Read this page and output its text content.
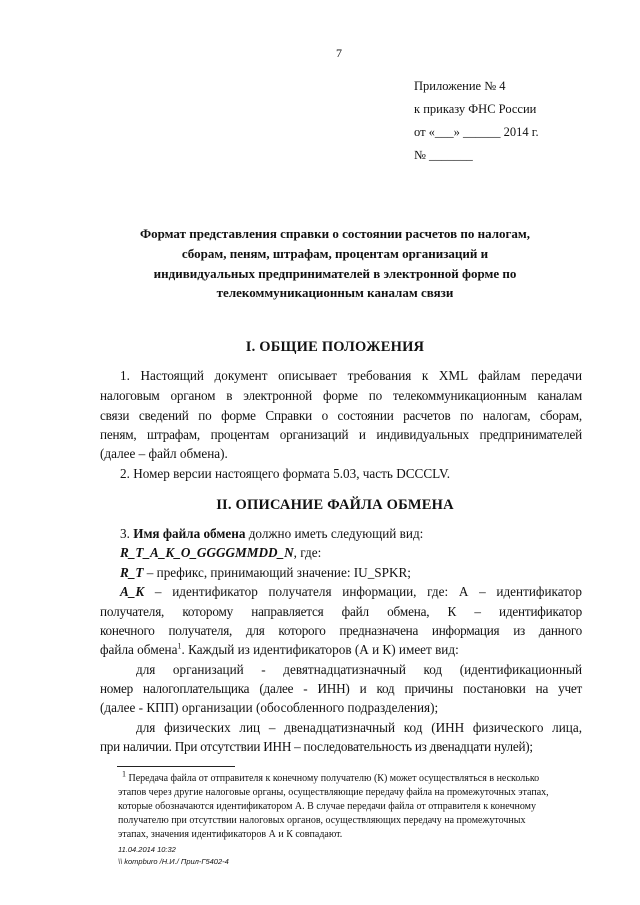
7
Приложение № 4
к приказу ФНС России
от «___» ______ 2014 г.
№ _______
Формат представления справки о состоянии расчетов по налогам,
сборам, пеням, штрафам, процентам организаций и
индивидуальных предпринимателей в электронной форме по
телекоммуникационным каналам связи
I. ОБЩИЕ ПОЛОЖЕНИЯ
1. Настоящий документ описывает требования к XML файлам передачи
налоговым органом в электронной форме по телекоммуникационным каналам
связи сведений по форме Справки о состоянии расчетов по налогам, сборам,
пеням, штрафам, процентам организаций и индивидуальных предпринимателей
(далее – файл обмена).
2. Номер версии настоящего формата 5.03, часть DCCCLV.
II. ОПИСАНИЕ ФАЙЛА ОБМЕНА
3. Имя файла обмена должно иметь следующий вид:
R_T_A_K_O_GGGGMMDD_N, где:
R_T – префикс, принимающий значение: IU_SPKR;
A_K – идентификатор получателя информации, где: А – идентификатор
получателя, которому направляется файл обмена, К – идентификатор
конечного получателя, для которого предназначена информация из данного
файла обмена$^1$. Каждый из идентификаторов (А и К) имеет вид:
для организаций - девятнадцатизначный код (идентификационный
номер налогоплательщика (далее - ИНН) и код причины постановки на учет
(далее - КПП) организации (обособленного подразделения);
для физических лиц – двенадцатизначный код (ИНН физического лица,
при наличии. При отсутствии ИНН – последовательность из двенадцати нулей);
$^1$ Передача файла от отправителя к конечному получателю (К) может осуществляться в несколько
этапов через другие налоговые органы, осуществляющие передачу файла на промежуточных этапах,
которые обозначаются идентификатором А. В случае передачи файла от отправителя к конечному
получателю при отсутствии налоговых органов, осуществляющих передачу на промежуточных
этапах, значения идентификаторов А и К совпадают.
11.04.2014 10:32
\\ kompburo /Н.И./ Прил-Г5402-4
